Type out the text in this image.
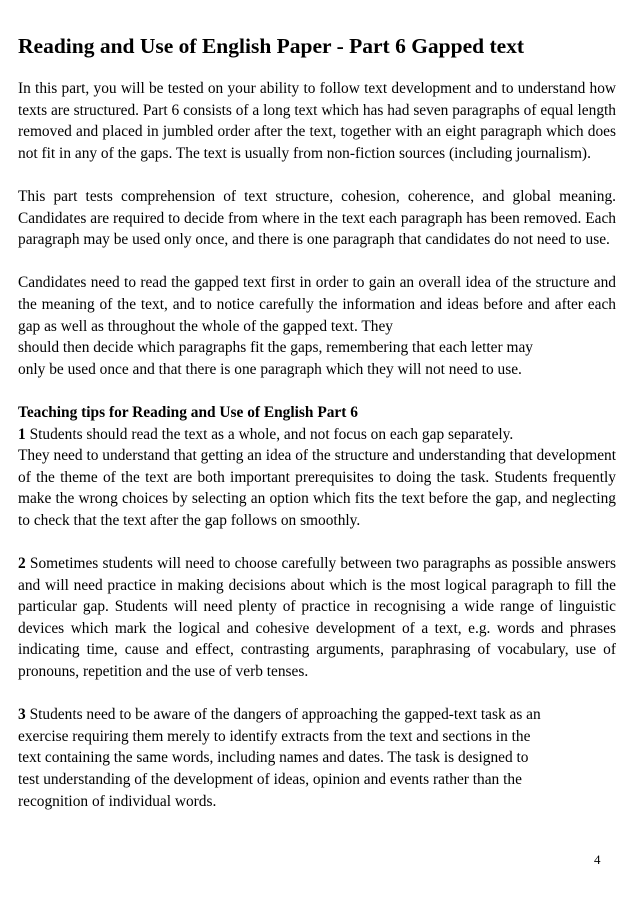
Reading and Use of English Paper - Part 6 Gapped text

In this part, you will be tested on your ability to follow text development and to understand how texts are structured. Part 6 consists of a long text which has had seven paragraphs of equal length removed and placed in jumbled order after the text, together with an eight paragraph which does not fit in any of the gaps. The text is usually from non-fiction sources (including journalism).

This part tests comprehension of text structure, cohesion, coherence, and global meaning. Candidates are required to decide from where in the text each paragraph has been removed. Each paragraph may be used only once, and there is one paragraph that candidates do not need to use.

Candidates need to read the gapped text first in order to gain an overall idea of the structure and the meaning of the text, and to notice carefully the information and ideas before and after each gap as well as throughout the whole of the gapped text. They

should then decide which paragraphs fit the gaps, remembering that each letter may

only be used once and that there is one paragraph which they will not need to use.

Teaching tips for Reading and Use of English Part 6

1 Students should read the text as a whole, and not focus on each gap separately.

They need to understand that getting an idea of the structure and understanding that development of the theme of the text are both important prerequisites to doing the task. Students frequently make the wrong choices by selecting an option which fits the text before the gap, and neglecting to check that the text after the gap follows on smoothly.

2 Sometimes students will need to choose carefully between two paragraphs as possible answers and will need practice in making decisions about which is the most logical paragraph to fill the particular gap. Students will need plenty of practice in recognising a wide range of linguistic devices which mark the logical and cohesive development of a text, e.g. words and phrases indicating time, cause and effect, contrasting arguments, paraphrasing of vocabulary, use of pronouns, repetition and the use of verb tenses.

3 Students need to be aware of the dangers of approaching the gapped-text task as an

exercise requiring them merely to identify extracts from the text and sections in the

text containing the same words, including names and dates. The task is designed to

test understanding of the development of ideas, opinion and events rather than the

recognition of individual words.

4
